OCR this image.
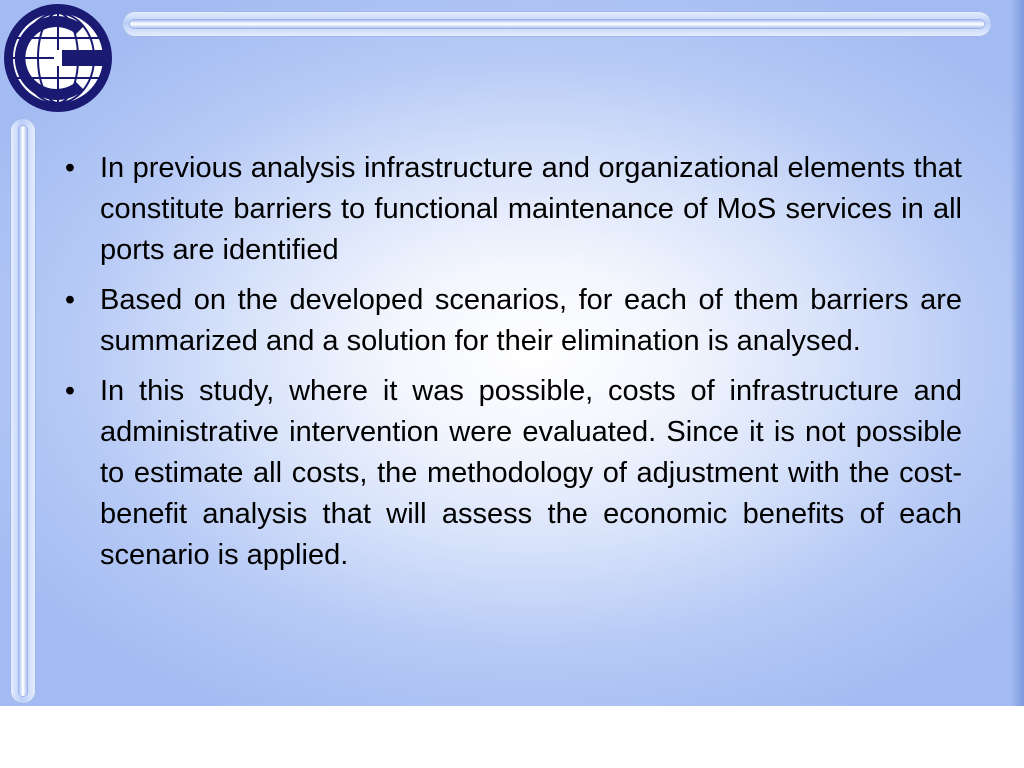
• In previous analysis infrastructure and organizational elements that constitute barriers to functional maintenance of MoS services in all ports are identified
• Based on the developed scenarios, for each of them barriers are summarized and a solution for their elimination is analysed.
• In this study, where it was possible, costs of infrastructure and administrative intervention were evaluated. Since it is not possible to estimate all costs, the methodology of adjustment with the cost-benefit analysis that will assess the economic benefits of each scenario is applied.
